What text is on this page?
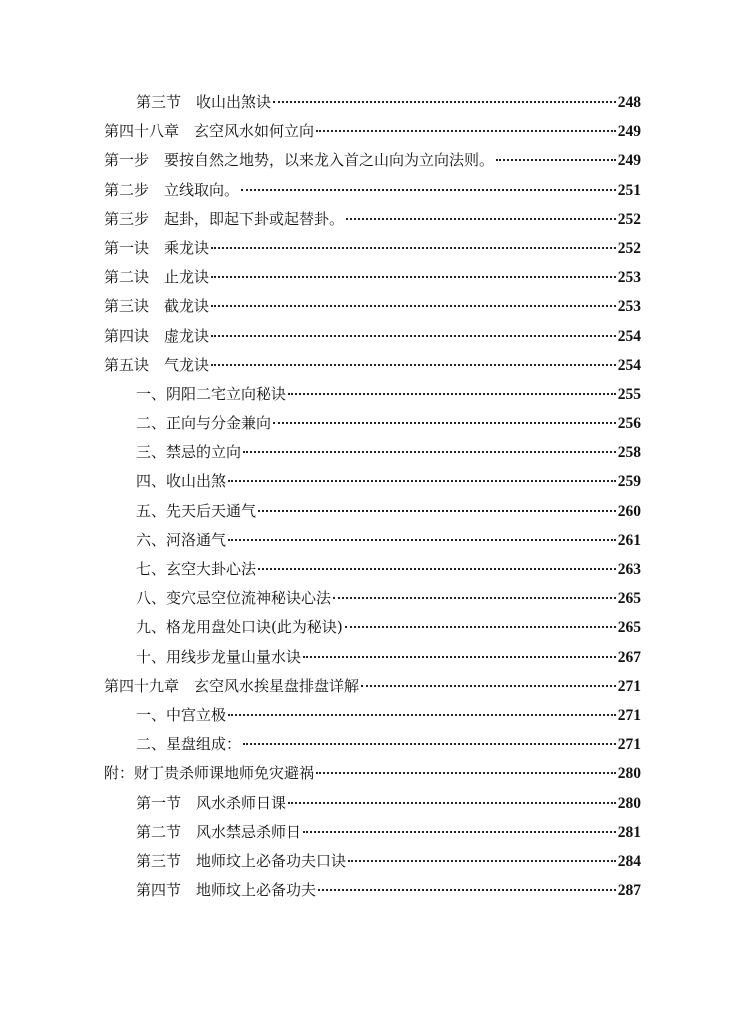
第三节　收山出煞诀	248
第四十八章　玄空风水如何立向	249
第一步　要按自然之地势，以来龙入首之山向为立向法则。	249
第二步　立线取向。	251
第三步　起卦，即起下卦或起替卦。	252
第一诀　乘龙诀	252
第二诀　止龙诀	253
第三诀　截龙诀	253
第四诀　虚龙诀	254
第五诀　气龙诀	254
一、阴阳二宅立向秘诀	255
二、正向与分金兼向	256
三、禁忌的立向	258
四、收山出煞	259
五、先天后天通气	260
六、河洛通气	261
七、玄空大卦心法	263
八、变穴忌空位流神秘诀心法	265
九、格龙用盘处口诀(此为秘诀)	265
十、用线步龙量山量水诀	267
第四十九章　玄空风水挨星盘排盘详解	271
一、中宫立极	271
二、星盘组成：	271
附：财丁贵杀师课地师免灾避祸	280
第一节　风水杀师日课	280
第二节　风水禁忌杀师日	281
第三节　地师坟上必备功夫口诀	284
第四节　地师坟上必备功夫	287
